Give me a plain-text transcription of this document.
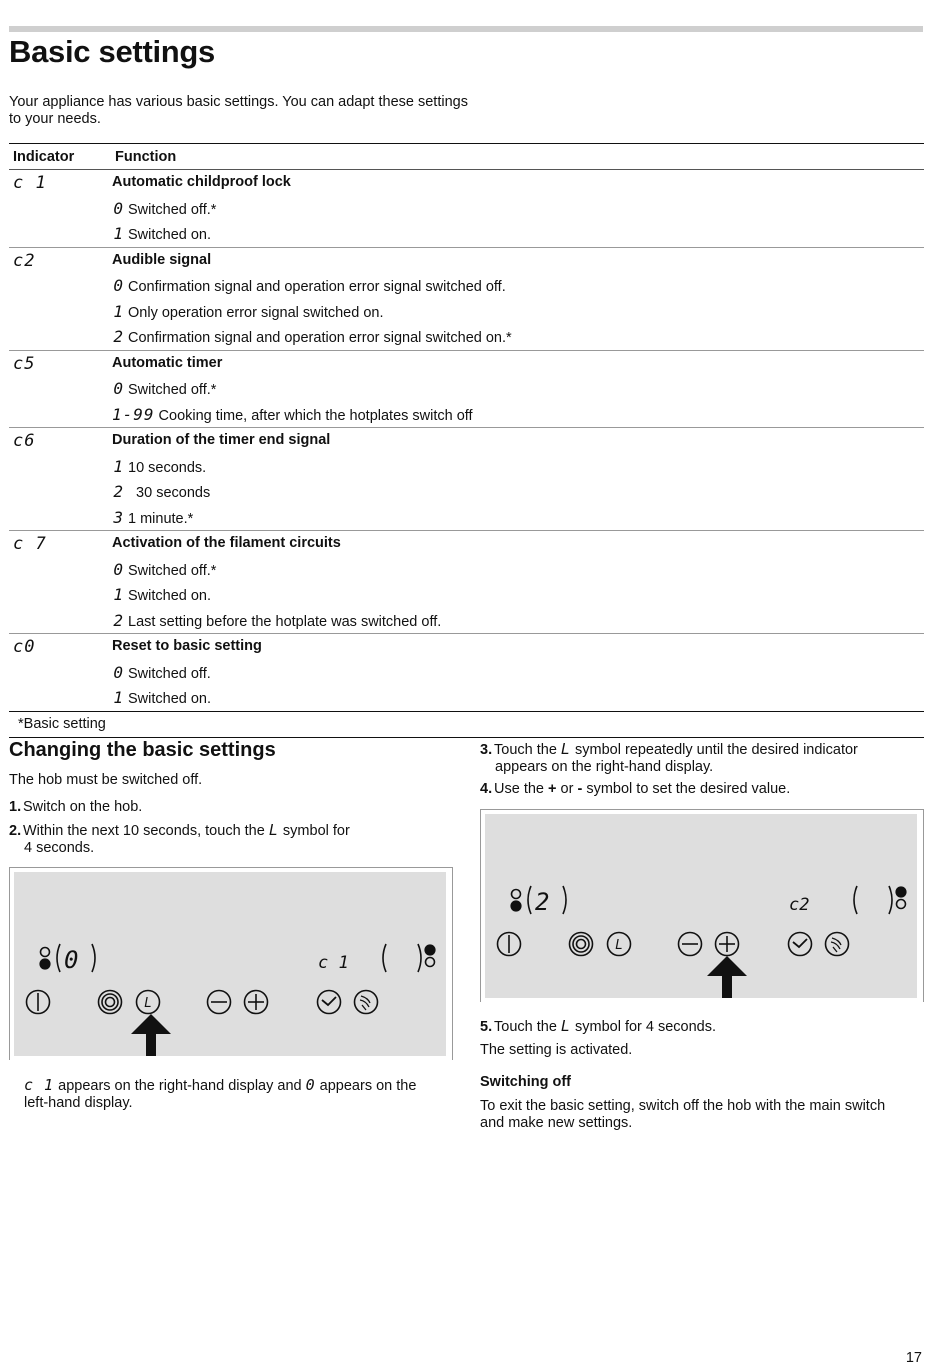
Basic settings

Your appliance has various basic settings. You can adapt these settings to your needs.

Indicator	Function

c 1	Automatic childproof lock
0 Switched off.*
1 Switched on.

c2	Audible signal
0 Confirmation signal and operation error signal switched off.
1 Only operation error signal switched on.
2 Confirmation signal and operation error signal switched on.*

c5	Automatic timer
0 Switched off.*
1-99 Cooking time, after which the hotplates switch off

c6	Duration of the timer end signal
1 10 seconds.
2  30 seconds
3 1 minute.*

c 7	Activation of the filament circuits
0 Switched off.*
1 Switched on.
2 Last setting before the hotplate was switched off.

c0	Reset to basic setting
0 Switched off.
1 Switched on.

*Basic setting	
Changing the basic settings

The hob must be switched off.

1. Switch on the hob.
2. Within the next 10 seconds, touch the L symbol for
4 seconds.
0	c 1
L
c 1 appears on the right-hand display and 0 appears on the
left-hand display.
3. Touch the L symbol repeatedly until the desired indicator
appears on the right-hand display.
4. Use the + or - symbol to set the desired value.
2	c2
L
5. Touch the L symbol for 4 seconds.

The setting is activated.

Switching off
To exit the basic setting, switch off the hob with the main switch
and make new settings.
17
